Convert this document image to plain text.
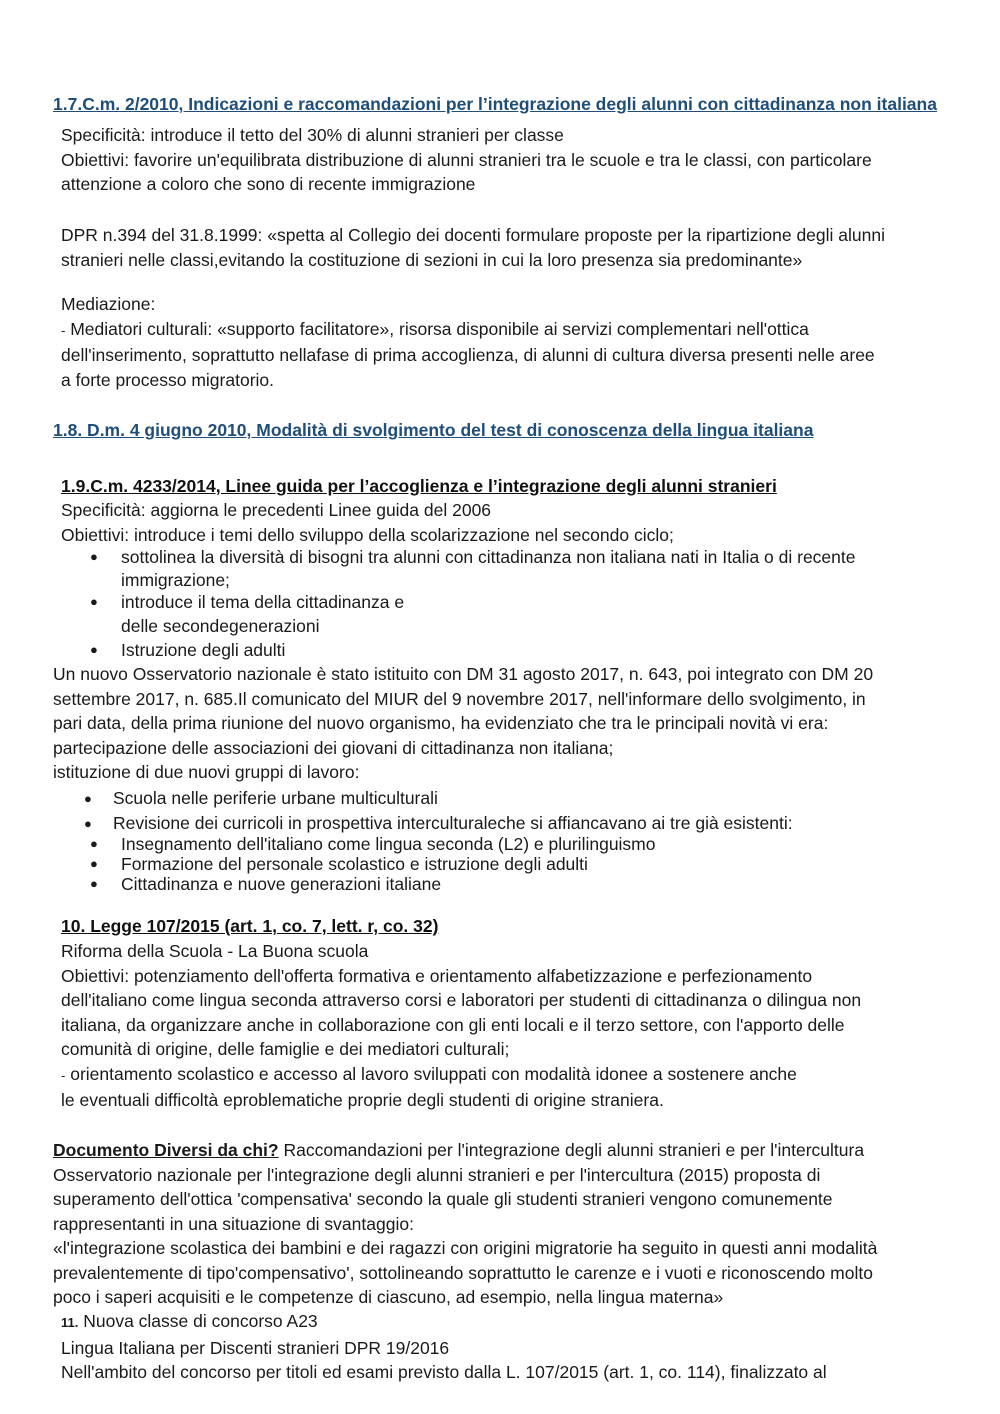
1.7.C.m. 2/2010, Indicazioni e raccomandazioni per l’integrazione degli alunni con cittadinanza non italiana
Specificità: introduce il tetto del 30% di alunni stranieri per classe
Obiettivi: favorire un'equilibrata distribuzione di alunni stranieri tra le scuole e tra le classi, con particolare
attenzione a coloro che sono di recente immigrazione
DPR n.394 del 31.8.1999: «spetta al Collegio dei docenti formulare proposte per la ripartizione degli alunni
stranieri nelle classi,evitando la costituzione di sezioni in cui la loro presenza sia predominante»
Mediazione:
- Mediatori culturali: «supporto facilitatore», risorsa disponibile ai servizi complementari nell'ottica
dell'inserimento, soprattutto nellafase di prima accoglienza, di alunni di cultura diversa presenti nelle aree
a forte processo migratorio.
1.8. D.m. 4 giugno 2010, Modalità di svolgimento del test di conoscenza della lingua italiana
1.9.C.m. 4233/2014, Linee guida per l’accoglienza e l’integrazione degli alunni stranieri
Specificità: aggiorna le precedenti Linee guida del 2006
Obiettivi: introduce i temi dello sviluppo della scolarizzazione nel secondo ciclo;
● sottolinea la diversità di bisogni tra alunni con cittadinanza non italiana nati in Italia o di recente
immigrazione;
● introduce il tema della cittadinanza e
delle secondegenerazioni
● Istruzione degli adulti
Un nuovo Osservatorio nazionale è stato istituito con DM 31 agosto 2017, n. 643, poi integrato con DM 20
settembre 2017, n. 685.Il comunicato del MIUR del 9 novembre 2017, nell'informare dello svolgimento, in
pari data, della prima riunione del nuovo organismo, ha evidenziato che tra le principali novità vi era:
partecipazione delle associazioni dei giovani di cittadinanza non italiana;
istituzione di due nuovi gruppi di lavoro:
● Scuola nelle periferie urbane multiculturali
● Revisione dei curricoli in prospettiva interculturaleche si affiancavano ai tre già esistenti:
● Insegnamento dell'italiano come lingua seconda (L2) e plurilinguismo
● Formazione del personale scolastico e istruzione degli adulti
● Cittadinanza e nuove generazioni italiane
10. Legge 107/2015 (art. 1, co. 7, lett. r, co. 32)
Riforma della Scuola - La Buona scuola
Obiettivi: potenziamento dell'offerta formativa e orientamento alfabetizzazione e perfezionamento
dell'italiano come lingua seconda attraverso corsi e laboratori per studenti di cittadinanza o dilingua non
italiana, da organizzare anche in collaborazione con gli enti locali e il terzo settore, con l'apporto delle
comunità di origine, delle famiglie e dei mediatori culturali;
- orientamento scolastico e accesso al lavoro sviluppati con modalità idonee a sostenere anche
le eventuali difficoltà eproblematiche proprie degli studenti di origine straniera.
Documento Diversi da chi? Raccomandazioni per l'integrazione degli alunni stranieri e per l'intercultura
Osservatorio nazionale per l'integrazione degli alunni stranieri e per l'intercultura (2015) proposta di
superamento dell'ottica 'compensativa' secondo la quale gli studenti stranieri vengono comunemente
rappresentanti in una situazione di svantaggio:
«l'integrazione scolastica dei bambini e dei ragazzi con origini migratorie ha seguito in questi anni modalità
prevalentemente di tipo'compensativo', sottolineando soprattutto le carenze e i vuoti e riconoscendo molto
poco i saperi acquisiti e le competenze di ciascuno, ad esempio, nella lingua materna»
11. Nuova classe di concorso A23
Lingua Italiana per Discenti stranieri DPR 19/2016
Nell'ambito del concorso per titoli ed esami previsto dalla L. 107/2015 (art. 1, co. 114), finalizzato al
